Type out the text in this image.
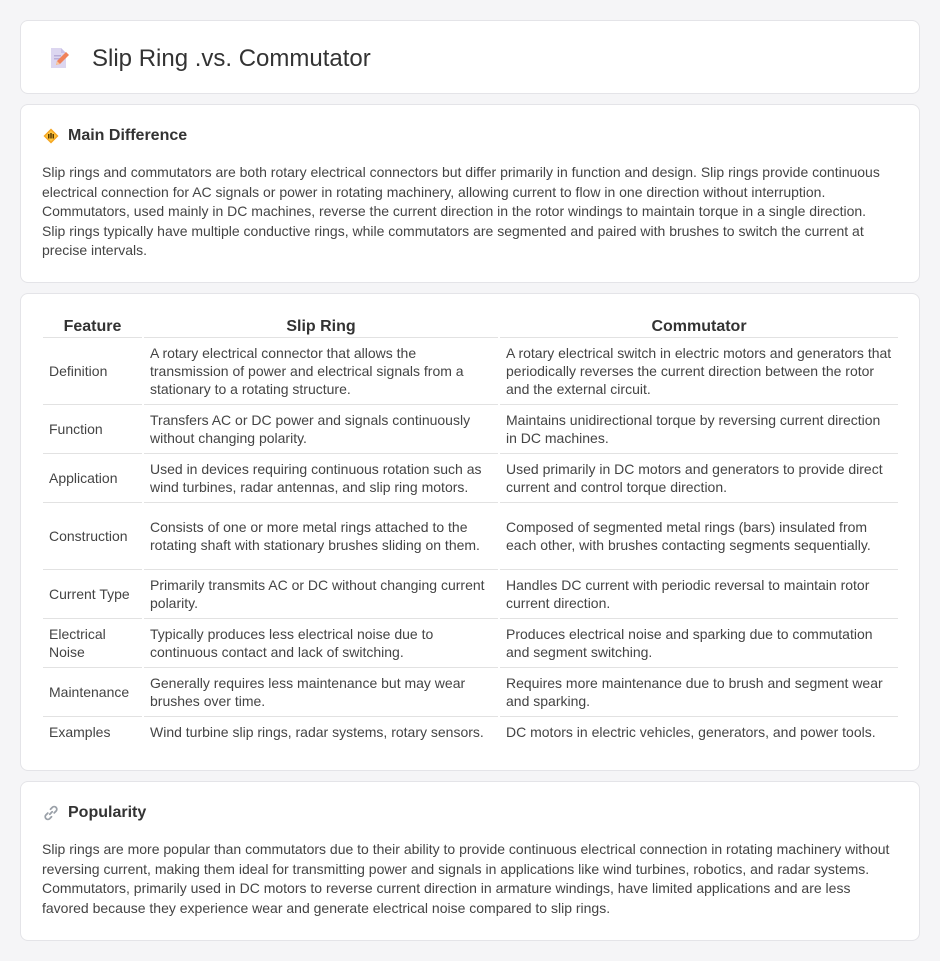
Slip Ring .vs. Commutator
Main Difference

Slip rings and commutators are both rotary electrical connectors but differ primarily in function and design. Slip rings provide continuous electrical connection for AC signals or power in rotating machinery, allowing current to flow in one direction without interruption. Commutators, used mainly in DC machines, reverse the current direction in the rotor windings to maintain torque in a single direction. Slip rings typically have multiple conductive rings, while commutators are segmented and paired with brushes to switch the current at precise intervals.

Feature	Slip Ring	Commutator
Definition	A rotary electrical connector that allows the transmission of power and electrical signals from a stationary to a rotating structure.	A rotary electrical switch in electric motors and generators that periodically reverses the current direction between the rotor and the external circuit.
Function	Transfers AC or DC power and signals continuously without changing polarity.	Maintains unidirectional torque by reversing current direction in DC machines.
Application	Used in devices requiring continuous rotation such as wind turbines, radar antennas, and slip ring motors.	Used primarily in DC motors and generators to provide direct current and control torque direction.
Construction	Consists of one or more metal rings attached to the rotating shaft with stationary brushes sliding on them.	Composed of segmented metal rings (bars) insulated from each other, with brushes contacting segments sequentially.
Current Type	Primarily transmits AC or DC without changing current polarity.	Handles DC current with periodic reversal to maintain rotor current direction.
Electrical Noise	Typically produces less electrical noise due to continuous contact and lack of switching.	Produces electrical noise and sparking due to commutation and segment switching.
Maintenance	Generally requires less maintenance but may wear brushes over time.	Requires more maintenance due to brush and segment wear and sparking.
Examples	Wind turbine slip rings, radar systems, rotary sensors.	DC motors in electric vehicles, generators, and power tools.
Popularity

Slip rings are more popular than commutators due to their ability to provide continuous electrical connection in rotating machinery without reversing current, making them ideal for transmitting power and signals in applications like wind turbines, robotics, and radar systems. Commutators, primarily used in DC motors to reverse current direction in armature windings, have limited applications and are less favored because they experience wear and generate electrical noise compared to slip rings.
